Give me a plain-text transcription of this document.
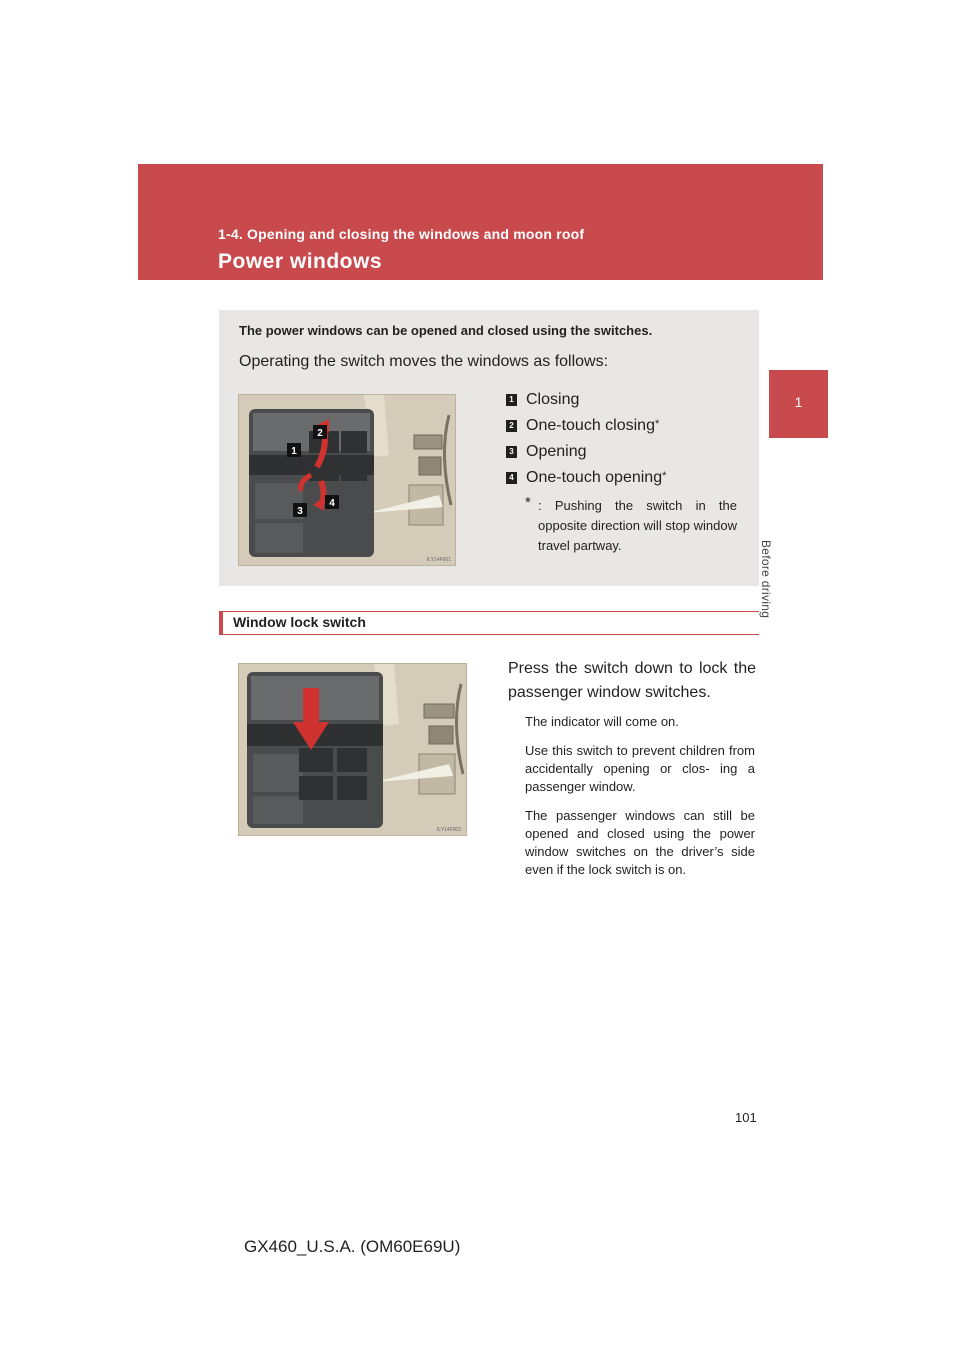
1-4. Opening and closing the windows and moon roof
Power windows
1
Before driving
The power windows can be opened and closed using the switches.
Operating the switch moves the windows as follows:
1
2
3
4
ILY14F001
1 Closing
2 One-touch closing*
3 Opening
4 One-touch opening*
* : Pushing the switch in the opposite direction will stop window travel partway.
Window lock switch
ILY14F002
Press the switch down to lock the passenger window switches.
The indicator will come on.
Use this switch to prevent children from accidentally opening or clos- ing a passenger window.
The passenger windows can still be opened and closed using the power window switches on the driver’s side even if the lock switch is on.
101
GX460_U.S.A. (OM60E69U)
